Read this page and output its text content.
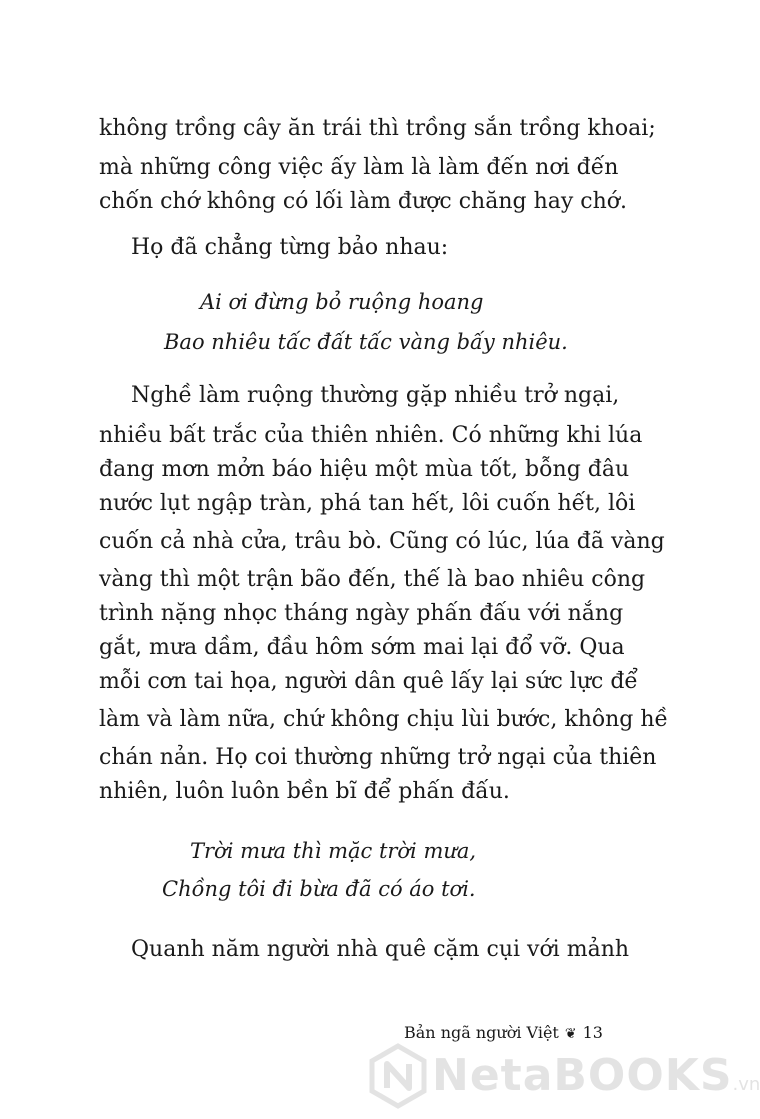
không trồng cây ăn trái thì trồng sắn trồng khoai;
mà những công việc ấy làm là làm đến nơi đến
chốn chớ không có lối làm được chăng hay chớ.
Họ đã chẳng từng bảo nhau:
Ai ơi đừng bỏ ruộng hoang
Bao nhiêu tấc đất tấc vàng bấy nhiêu.
Nghề làm ruộng thường gặp nhiều trở ngại,
nhiều bất trắc của thiên nhiên. Có những khi lúa
đang mơn mởn báo hiệu một mùa tốt, bỗng đâu
nước lụt ngập tràn, phá tan hết, lôi cuốn hết, lôi
cuốn cả nhà cửa, trâu bò. Cũng có lúc, lúa đã vàng
vàng thì một trận bão đến, thế là bao nhiêu công
trình nặng nhọc tháng ngày phấn đấu với nắng
gắt, mưa dầm, đầu hôm sớm mai lại đổ vỡ. Qua
mỗi cơn tai họa, người dân quê lấy lại sức lực để
làm và làm nữa, chứ không chịu lùi bước, không hề
chán nản. Họ coi thường những trở ngại của thiên
nhiên, luôn luôn bền bĩ để phấn đấu.
Trời mưa thì mặc trời mưa,
Chồng tôi đi bừa đã có áo tơi.
Quanh năm người nhà quê cặm cụi với mảnh
Bản ngã người Việt ❦ 13
NetaBOOKS.vn
